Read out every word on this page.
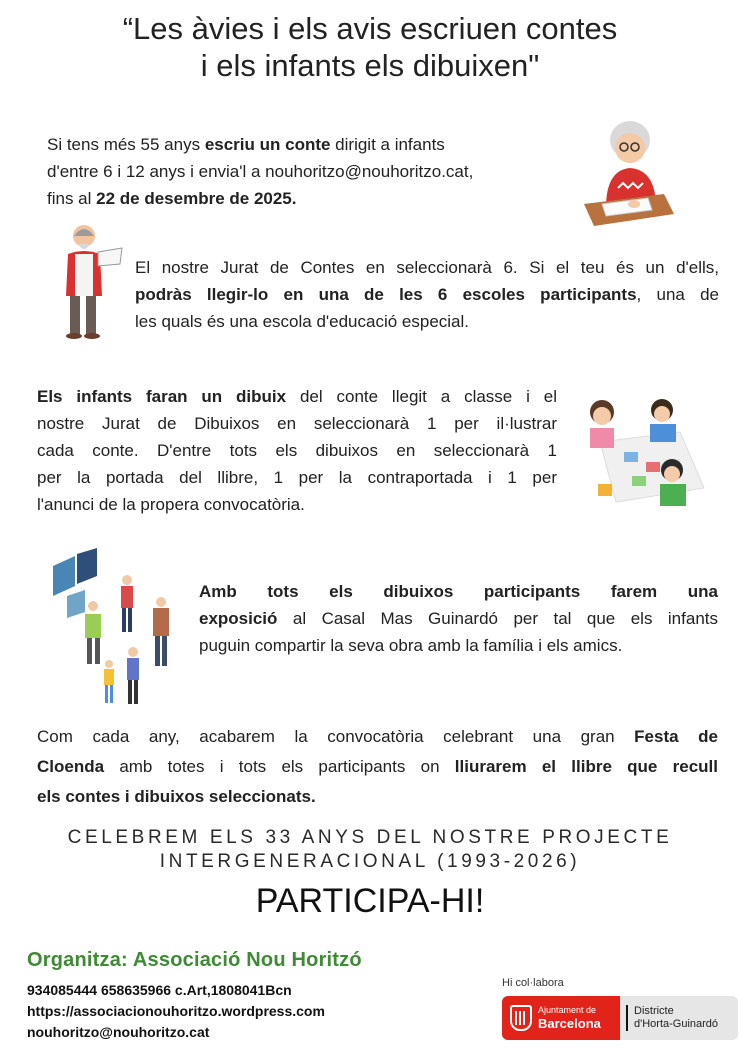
“Les àvies i els avis escriuen contes
i els infants els dibuixen"
Si tens més 55 anys escriu un conte dirigit a infants
d'entre 6 i 12 anys i envia'l a nouhoritzo@nouhoritzo.cat,
fins al 22 de desembre de 2025.
El nostre Jurat de Contes en seleccionarà 6. Si el teu és un d'ells,
podràs llegir-lo en una de les 6 escoles participants, una de
les quals és una escola d'educació especial.
Els infants faran un dibuix del conte llegit a classe i el
nostre Jurat de Dibuixos en seleccionarà 1 per il·lustrar
cada conte. D'entre tots els dibuixos en seleccionarà 1
per la portada del llibre, 1 per la contraportada i 1 per
l'anunci de la propera convocatòria.
Amb tots els dibuixos participants farem una
exposició al Casal Mas Guinardó per tal que els infants
puguin compartir la seva obra amb la família i els amics.
Com cada any, acabarem la convocatòria celebrant una gran Festa de
Cloenda amb totes i tots els participants on lliurarem el llibre que recull
els contes i dibuixos seleccionats.
CELEBREM ELS 33 ANYS DEL NOSTRE PROJECTE
INTERGENERACIONAL (1993-2026)
PARTICIPA-HI!
Organitza: Associació Nou Horitzó
934085444 658635966 c.Art,1808041Bcn
https://associacionouhoritzo.wordpress.com
nouhoritzo@nouhoritzo.cat
Hi col·labora
Ajuntament de
Barcelona
Districte
d'Horta-Guinardó
